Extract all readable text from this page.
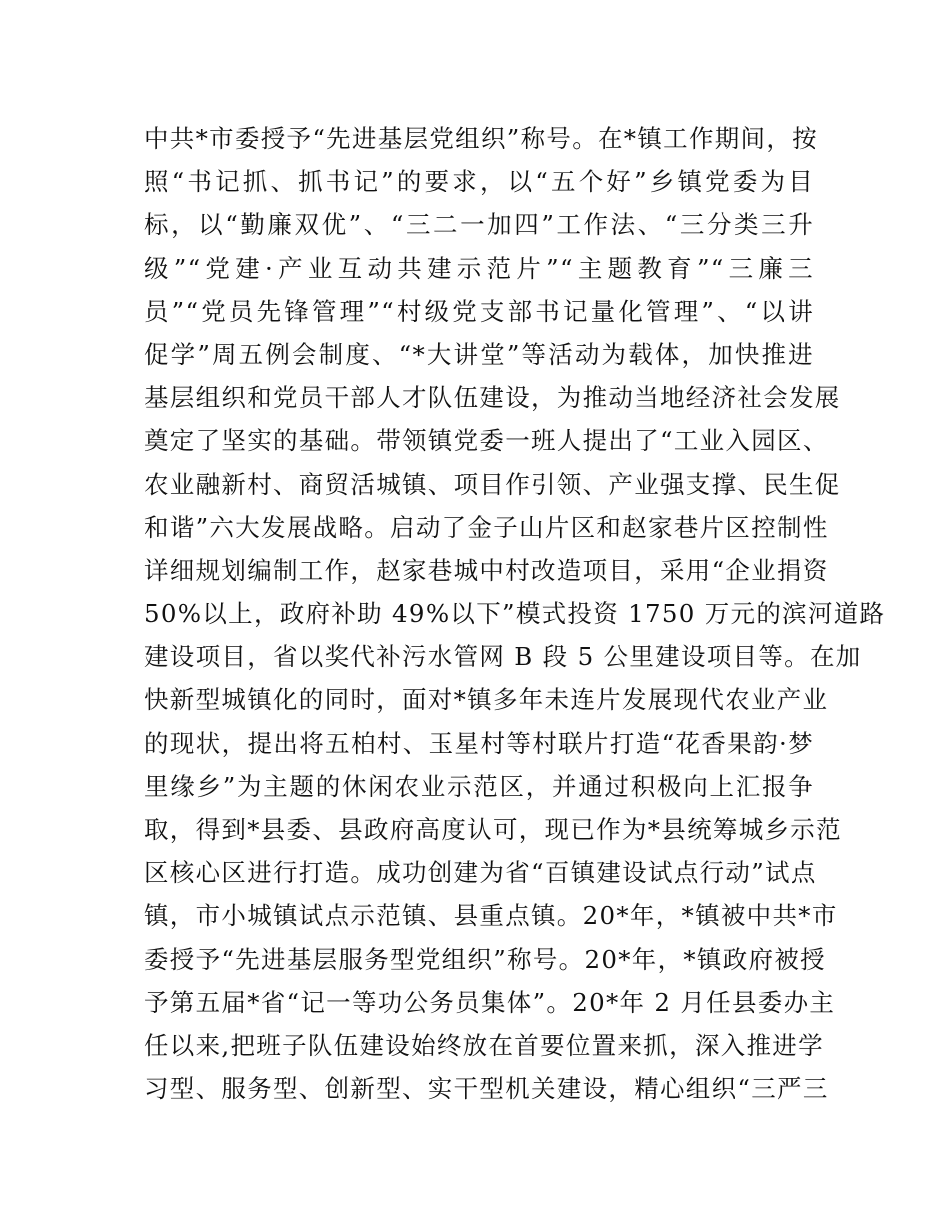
中共*市委授予“先进基层党组织”称号。在*镇工作期间，按
照“书记抓、抓书记”的要求，以“五个好”乡镇党委为目
标，以“勤廉双优”、“三二一加四”工作法、“三分类三升
级”“党建·产业互动共建示范片”“主题教育”“三廉三
员”“党员先锋管理”“村级党支部书记量化管理”、“以讲
促学”周五例会制度、“*大讲堂”等活动为载体，加快推进
基层组织和党员干部人才队伍建设，为推动当地经济社会发展
奠定了坚实的基础。带领镇党委一班人提出了“工业入园区、
农业融新村、商贸活城镇、项目作引领、产业强支撑、民生促
和谐”六大发展战略。启动了金子山片区和赵家巷片区控制性
详细规划编制工作，赵家巷城中村改造项目，采用“企业捐资
50%以上，政府补助 49%以下”模式投资 1750 万元的滨河道路
建设项目，省以奖代补污水管网 B 段 5 公里建设项目等。在加
快新型城镇化的同时，面对*镇多年未连片发展现代农业产业
的现状，提出将五柏村、玉星村等村联片打造“花香果韵·梦
里缘乡”为主题的休闲农业示范区，并通过积极向上汇报争
取，得到*县委、县政府高度认可，现已作为*县统筹城乡示范
区核心区进行打造。成功创建为省“百镇建设试点行动”试点
镇，市小城镇试点示范镇、县重点镇。20*年，*镇被中共*市
委授予“先进基层服务型党组织”称号。20*年，*镇政府被授
予第五届*省“记一等功公务员集体”。20*年 2 月任县委办主
任以来,把班子队伍建设始终放在首要位置来抓，深入推进学
习型、服务型、创新型、实干型机关建设，精心组织“三严三
